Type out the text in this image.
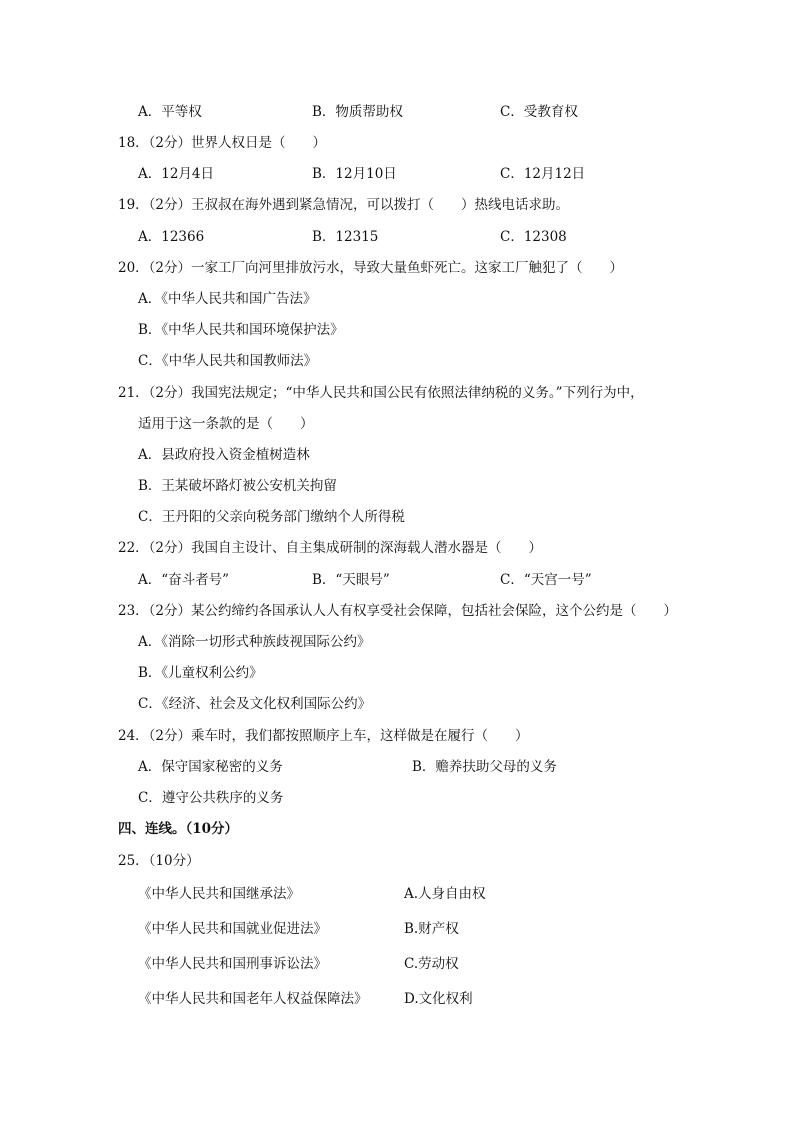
A．平等权	B．物质帮助权	C．受教育权
18．（2分）世界人权日是（　　）
A．12月4日	B．12月10日	C．12月12日
19．（2分）王叔叔在海外遇到紧急情况，可以拨打（　　）热线电话求助。
A．12366	B．12315	C．12308
20．（2分）一家工厂向河里排放污水，导致大量鱼虾死亡。这家工厂触犯了（　　）
A．《中华人民共和国广告法》
B．《中华人民共和国环境保护法》
C．《中华人民共和国教师法》
21．（2分）我国宪法规定；“中华人民共和国公民有依照法律纳税的义务。”下列行为中，
适用于这一条款的是（　　）
A．县政府投入资金植树造林
B．王某破坏路灯被公安机关拘留
C．王丹阳的父亲向税务部门缴纳个人所得税
22．（2分）我国自主设计、自主集成研制的深海载人潜水器是（　　）
A．“奋斗者号”	B．“天眼号”	C．“天宫一号”
23．（2分）某公约缔约各国承认人人有权享受社会保障，包括社会保险，这个公约是（　　）
A．《消除一切形式种族歧视国际公约》
B．《儿童权利公约》
C．《经济、社会及文化权利国际公约》
24．（2分）乘车时，我们都按照顺序上车，这样做是在履行（　　）
A．保守国家秘密的义务	B．赡养扶助父母的义务
C．遵守公共秩序的义务
四、连线。（10分）
25．（10分）
《中华人民共和国继承法》	A.人身自由权
《中华人民共和国就业促进法》	B.财产权
《中华人民共和国刑事诉讼法》	C.劳动权
《中华人民共和国老年人权益保障法》	D.文化权利
